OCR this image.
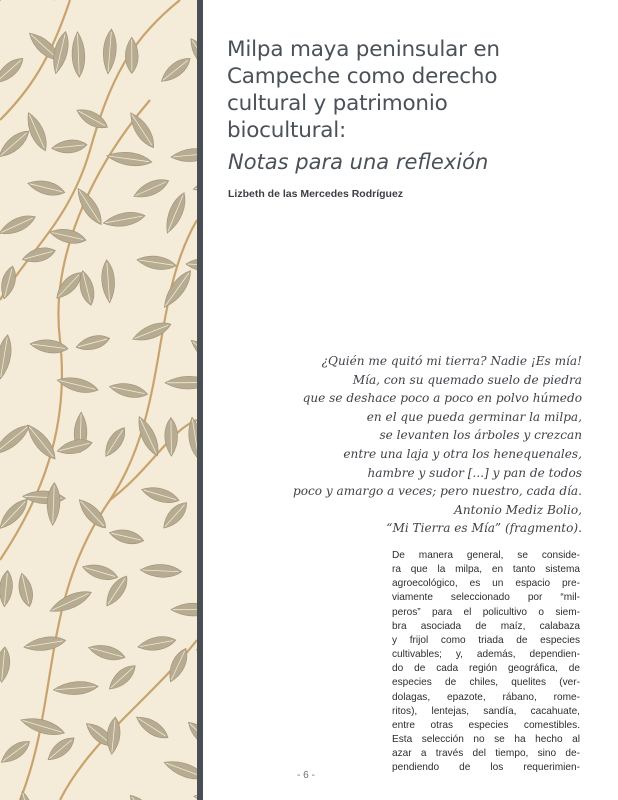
Milpa maya peninsular en
Campeche como derecho
cultural y patrimonio
biocultural:
Notas para una reflexión
Lizbeth de las Mercedes Rodríguez
¿Quién me quitó mi tierra? Nadie ¡Es mía!
Mía, con su quemado suelo de piedra
que se deshace poco a poco en polvo húmedo
en el que pueda germinar la milpa,
se levanten los árboles y crezcan
entre una laja y otra los henequenales,
hambre y sudor [...] y pan de todos
poco y amargo a veces; pero nuestro, cada día.
Antonio Mediz Bolio,
“Mi Tierra es Mía” (fragmento).
De manera general, se conside-
ra que la milpa, en tanto sistema
agroecológico, es un espacio pre-
viamente seleccionado por “mil-
peros” para el policultivo o siem-
bra asociada de maíz, calabaza
y frijol como triada de especies
cultivables; y, además, dependien-
do de cada región geográfica, de
especies de chiles, quelites (ver-
dolagas, epazote, rábano, rome-
ritos), lentejas, sandía, cacahuate,
entre otras especies comestibles.
Esta selección no se ha hecho al
azar a través del tiempo, sino de-
pendiendo de los requerimien-
- 6 -
